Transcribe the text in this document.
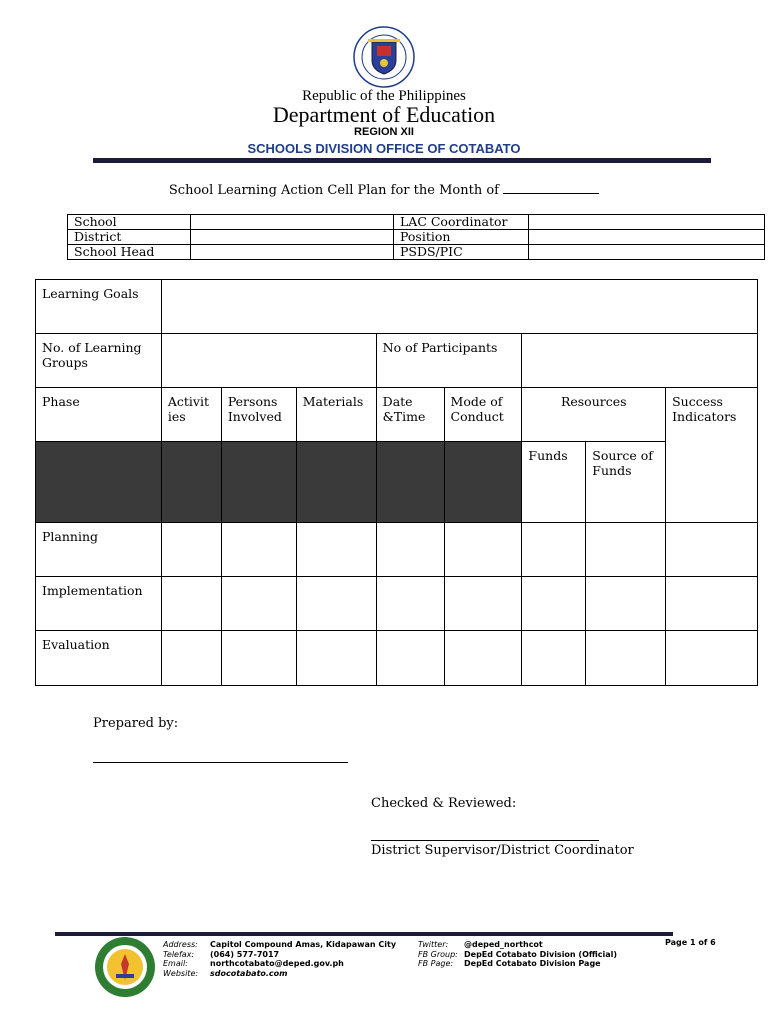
Republic of the Philippines
Department of Education
REGION XII
SCHOOLS DIVISION OFFICE OF COTABATO
School Learning Action Cell Plan for the Month of
School		LAC Coordinator	
District		Position	
School Head		PSDS/PIC	
Learning Goals								
No. of Learning Groups				No of Participants				
Phase	Activit ies	Persons Involved	Materials	Date &Time	Mode of Conduct	Resources		Success Indicators
						Funds	Source of Funds	
Planning								
Implementation								
Evaluation								
Prepared by:
Checked & Reviewed:
District Supervisor/District Coordinator
Address: Capitol Compound Amas, Kidapawan City
Telefax: (064) 577-7017
Email:	northcotabato@deped.gov.ph
Website: sdocotabato.com
Twitter: @deped_northcot
FB Group: DepEd Cotabato Division (Official)
FB Page: DepEd Cotabato Division Page
Page 1 of 6
